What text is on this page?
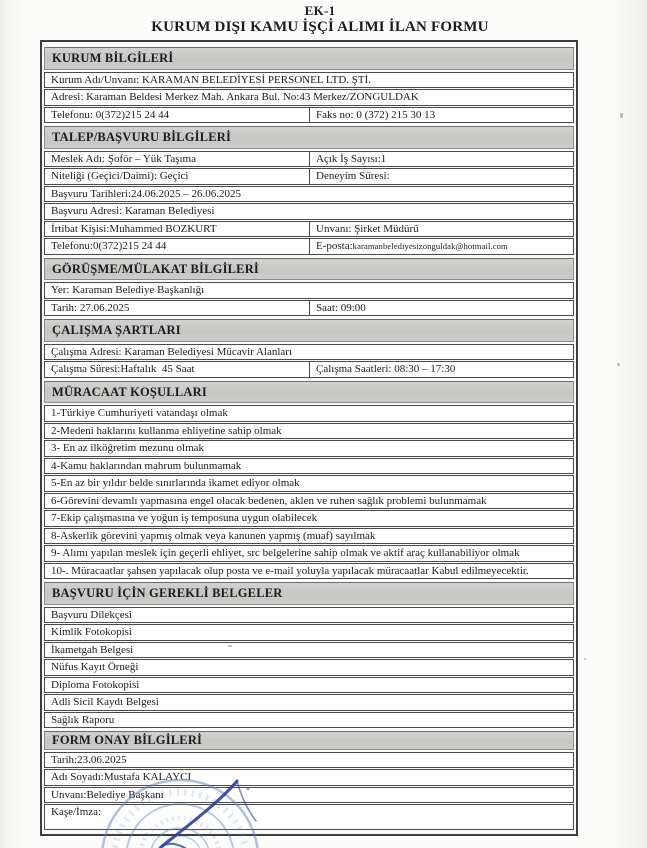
EK-1
KURUM DIŞI KAMU İŞÇİ ALIMI İLAN FORMU
KURUM BİLGİLERİ
Kurum Adı/Unvanı: KARAMAN BELEDİYESİ PERSONEL LTD. ŞTİ.
Adresi: Karaman Beldesi Merkez Mah. Ankara Bul. No:43 Merkez/ZONGULDAK
Telefonu: 0(372)215 24 44	Faks no: 0 (372) 215 30 13
TALEP/BAŞVURU BİLGİLERİ
Meslek Adı: Şoför – Yük Taşıma	Açık İş Sayısı:1
Niteliği (Geçici/Daimi): Geçici	Deneyim Süresi:
Başvuru Tarihleri:24.06.2025 – 26.06.2025
Başvuru Adresi: Karaman Belediyesi
İrtibat Kişisi:Muhammed BOZKURT	Unvanı: Şirket Müdürü
Telefonu:0(372)215 24 44	E-posta:karamanbelediyesizonguldak@hotmail.com
GÖRÜŞME/MÜLAKAT BİLGİLERİ
Yer: Karaman Belediye Başkanlığı
Tarih: 27.06.2025	Saat: 09:00
ÇALIŞMA ŞARTLARI
Çalışma Adresi: Karaman Belediyesi Mücavir Alanları
Çalışma Süresi:Haftalık  45 Saat	Çalışma Saatleri: 08:30 – 17:30
MÜRACAAT KOŞULLARI
1-Türkiye Cumhuriyeti vatandaşı olmak
2-Medeni haklarını kullanma ehliyetine sahip olmak
3- En az ilköğretim mezunu olmak
4-Kamu haklarından mahrum bulunmamak
5-En az bir yıldır belde sınırlarında ikamet ediyor olmak
6-Görevini devamlı yapmasına engel olacak bedenen, aklen ve ruhen sağlık problemi bulunmamak
7-Ekip çalışmasına ve yoğun iş temposuna uygun olabilecek
8-Askerlik görevini yapmış olmak veya kanunen yapmış (muaf) sayılmak
9- Alımı yapılan meslek için geçerli ehliyet, src belgelerine sahip olmak ve aktif araç kullanabiliyor olmak
10-. Müracaatlar şahsen yapılacak olup posta ve e-mail yoluyla yapılacak müracaatlar Kabul edilmeyecektir.
BAŞVURU İÇİN GEREKLİ BELGELER
Başvuru Dilekçesi
Kimlik Fotokopisi
İkametgah Belgesi
Nüfus Kayıt Örneği
Diploma Fotokopisi
Adli Sicil Kaydı Belgesi
Sağlık Raporu
FORM ONAY BİLGİLERİ
Tarih:23.06.2025
Adı Soyadı:Mustafa KALAYCI
Unvanı:Belediye Başkanı
Kaşe/İmza:
